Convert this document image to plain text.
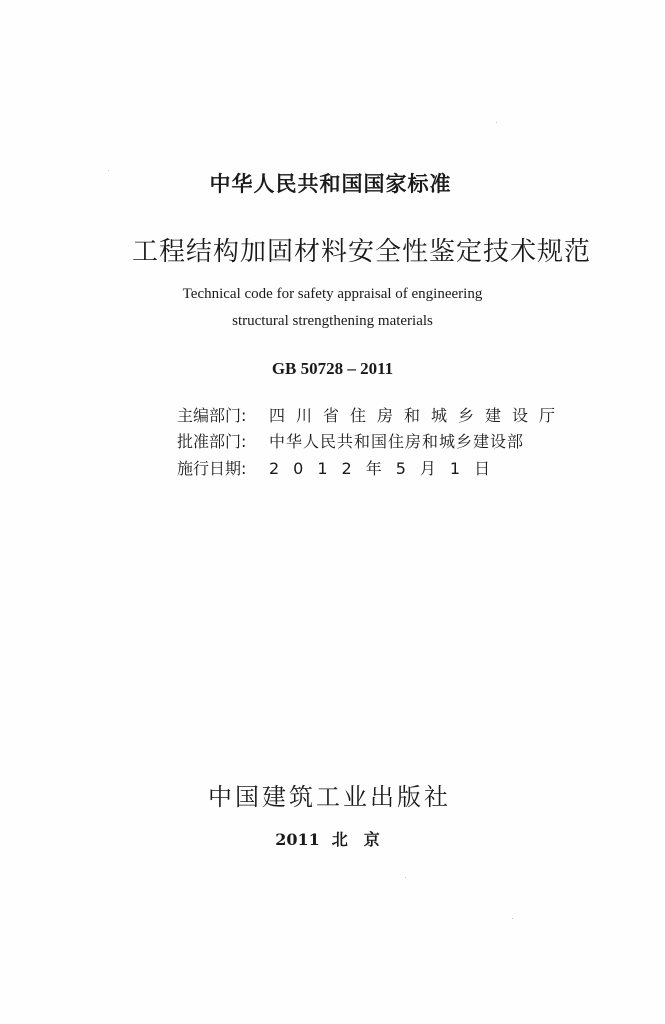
中华人民共和国国家标准
工程结构加固材料安全性鉴定技术规范
Technical code for safety appraisal of engineering
structural strengthening materials
GB 50728 – 2011
主编部门: 四川省住房和城乡建设厅
批准部门: 中华人民共和国住房和城乡建设部
施行日期: 2012年5月1日
中国建筑工业出版社
2011 北京
